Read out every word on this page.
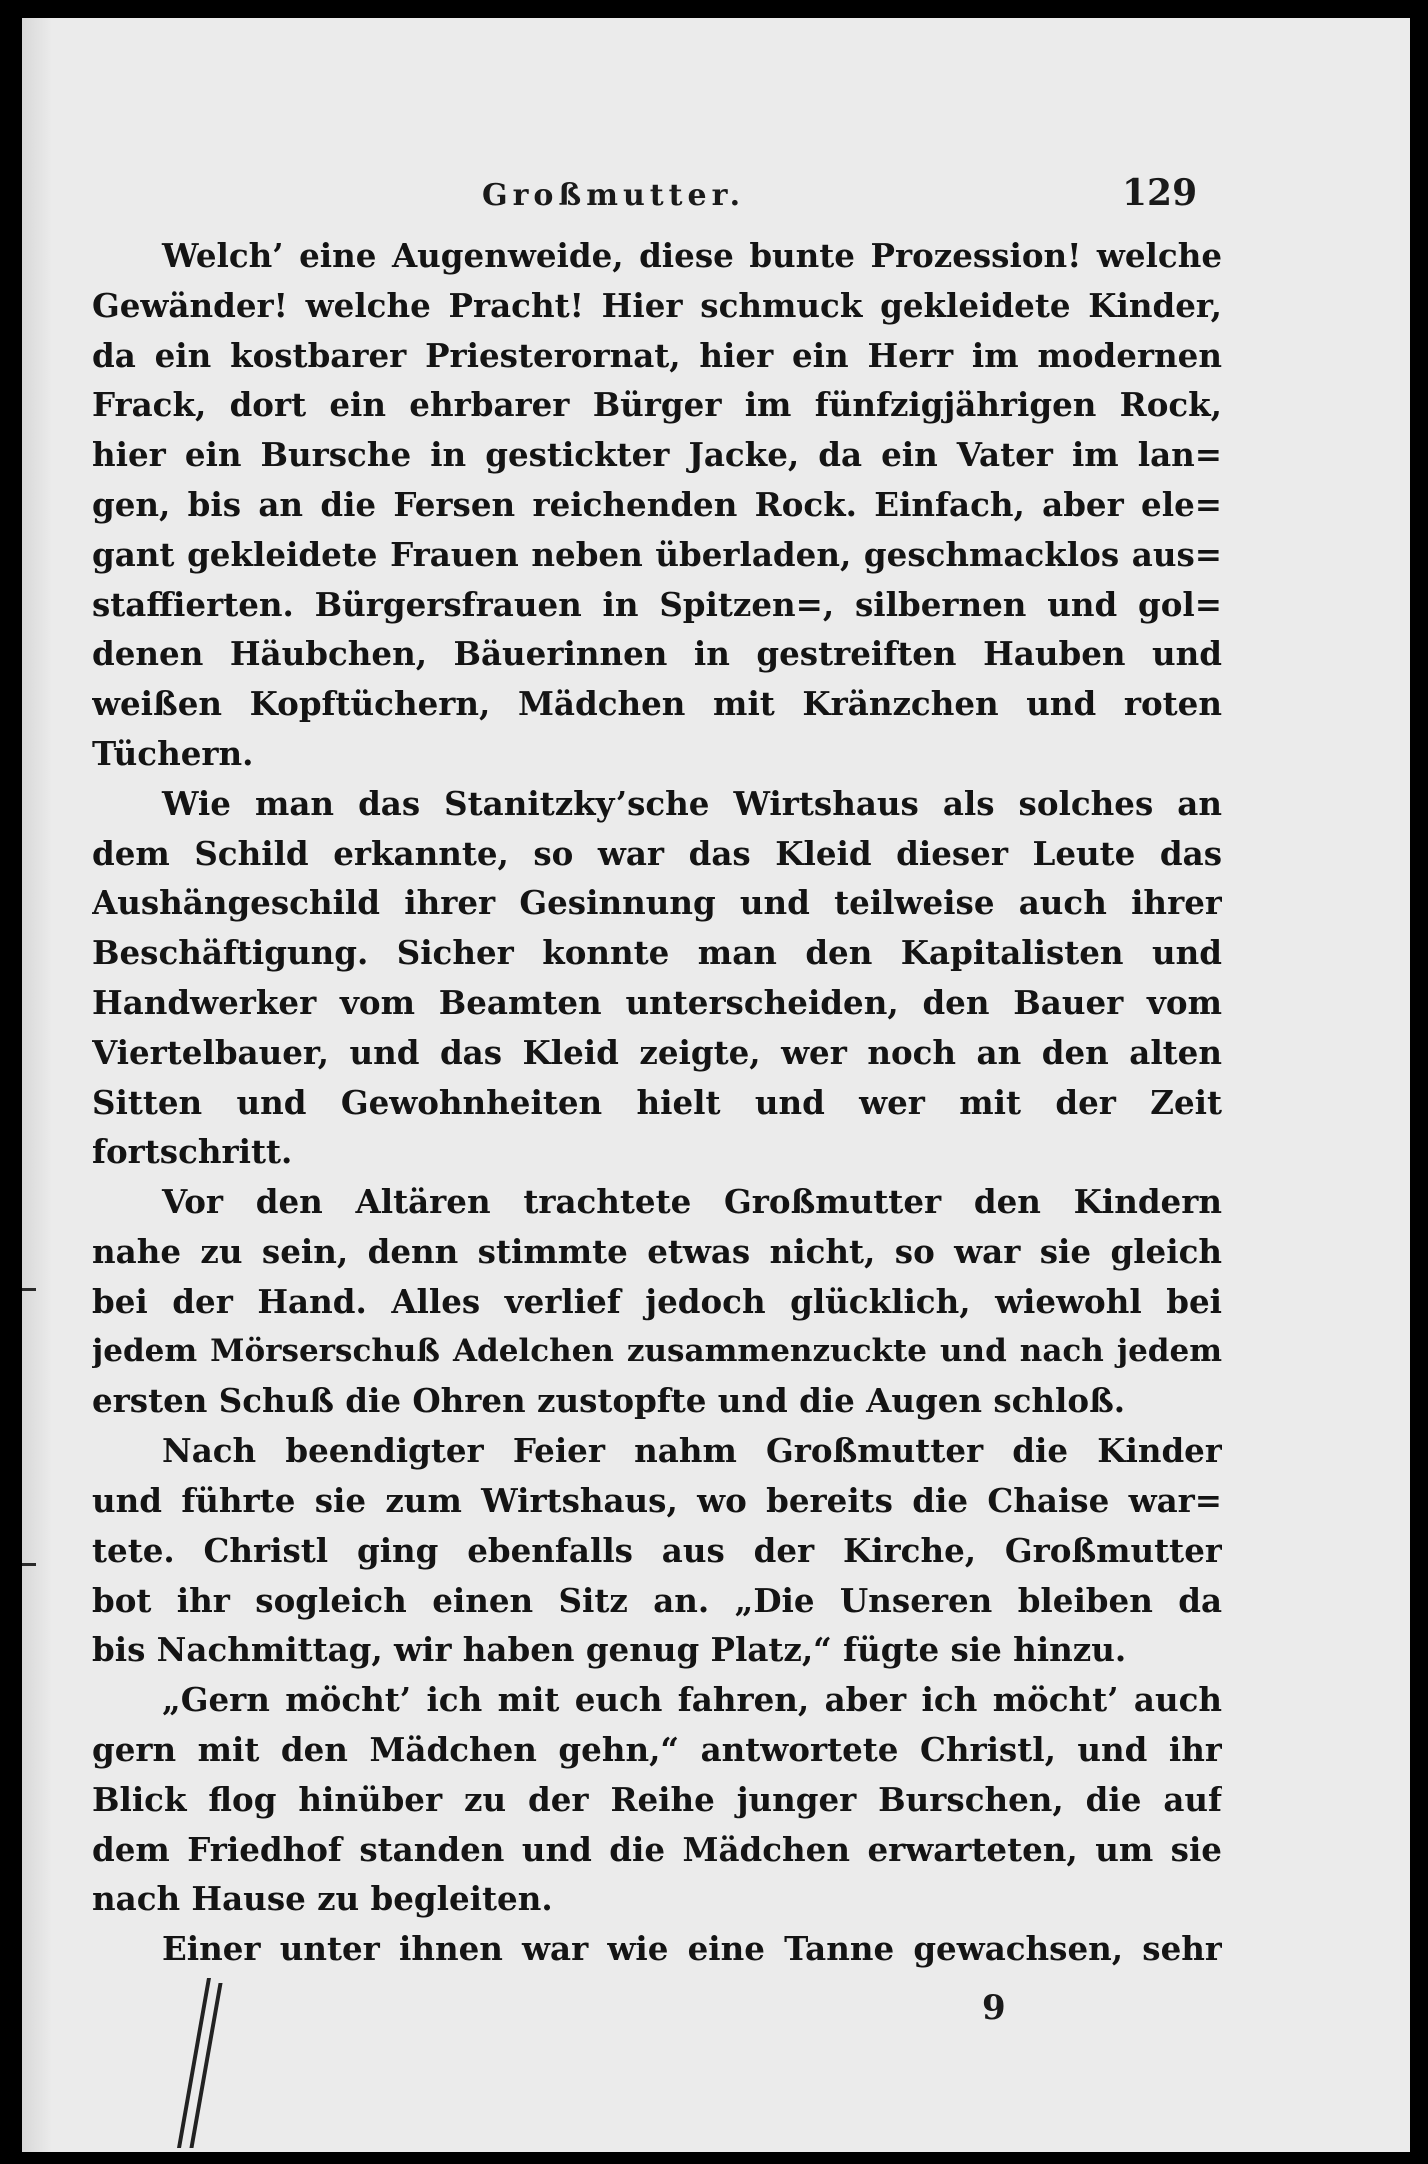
Großmutter.	129
Welch’ eine Augenweide, diese bunte Prozession! welche
Gewänder! welche Pracht! Hier schmuck gekleidete Kinder,
da ein kostbarer Priesterornat, hier ein Herr im modernen
Frack, dort ein ehrbarer Bürger im fünfzigjährigen Rock,
hier ein Bursche in gestickter Jacke, da ein Vater im lan=
gen, bis an die Fersen reichenden Rock. Einfach, aber ele=
gant gekleidete Frauen neben überladen, geschmacklos aus=
staffierten. Bürgersfrauen in Spitzen=, silbernen und gol=
denen Häubchen, Bäuerinnen in gestreiften Hauben und
weißen Kopftüchern, Mädchen mit Kränzchen und roten
Tüchern.
Wie man das Stanitzky’sche Wirtshaus als solches an
dem Schild erkannte, so war das Kleid dieser Leute das
Aushängeschild ihrer Gesinnung und teilweise auch ihrer
Beschäftigung. Sicher konnte man den Kapitalisten und
Handwerker vom Beamten unterscheiden, den Bauer vom
Viertelbauer, und das Kleid zeigte, wer noch an den alten
Sitten und Gewohnheiten hielt und wer mit der Zeit
fortschritt.
Vor den Altären trachtete Großmutter den Kindern
nahe zu sein, denn stimmte etwas nicht, so war sie gleich
bei der Hand. Alles verlief jedoch glücklich, wiewohl bei
jedem Mörserschuß Adelchen zusammenzuckte und nach jedem
ersten Schuß die Ohren zustopfte und die Augen schloß.
Nach beendigter Feier nahm Großmutter die Kinder
und führte sie zum Wirtshaus, wo bereits die Chaise war=
tete. Christl ging ebenfalls aus der Kirche, Großmutter
bot ihr sogleich einen Sitz an. „Die Unseren bleiben da
bis Nachmittag, wir haben genug Platz,“ fügte sie hinzu.
„Gern möcht’ ich mit euch fahren, aber ich möcht’ auch
gern mit den Mädchen gehn,“ antwortete Christl, und ihr
Blick flog hinüber zu der Reihe junger Burschen, die auf
dem Friedhof standen und die Mädchen erwarteten, um sie
nach Hause zu begleiten.
Einer unter ihnen war wie eine Tanne gewachsen, sehr
9
